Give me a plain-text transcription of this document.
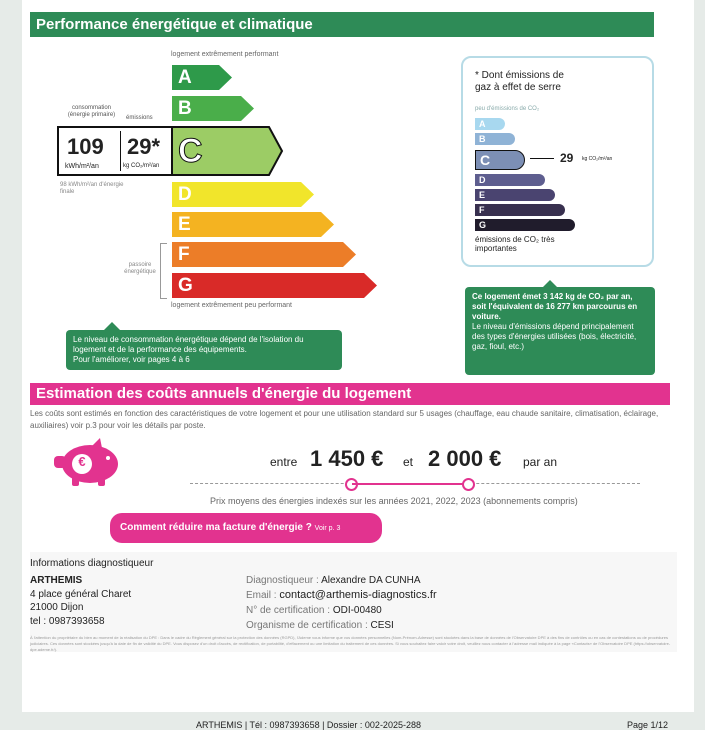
Performance énergétique et climatique
logement extrêmement performant
A
B
C
D
E
F
G
logement extrêmement peu performant
consommation (énergie primaire)	émissions
109
kWh/m²/an
29*
kg CO₂/m²/an
98 kWh/m²/an d'énergie finale
passoire énergétique
Le niveau de consommation énergétique dépend de l'isolation du logement et de la performance des équipements.
Pour l'améliorer, voir pages 4 à 6
* Dont émissions de gaz à effet de serre
peu d'émissions de CO₂
A
B
C
D
E
F
G
émissions de CO₂ très importantes
29 kg CO₂/m²/an
Ce logement émet 3 142 kg de CO₂ par an, soit l'équivalent de 16 277 km parcourus en voiture.
Le niveau d'émissions dépend principalement des types d'énergies utilisées (bois, électricité, gaz, fioul, etc.)
Estimation des coûts annuels d'énergie du logement
Les coûts sont estimés en fonction des caractéristiques de votre logement et pour une utilisation standard sur 5 usages (chauffage, eau chaude sanitaire, climatisation, éclairage, auxiliaires) voir p.3 pour voir les détails par poste.
€	entre 1 450 € et 2 000 € par an
Prix moyens des énergies indexés sur les années 2021, 2022, 2023 (abonnements compris)
Comment réduire ma facture d'énergie ? Voir p. 3
Informations diagnostiqueur
ARTHEMIS
4 place général Charet
21000 Dijon
tel : 0987393658
Diagnostiqueur : Alexandre DA CUNHA
Email : contact@arthemis-diagnostics.fr
N° de certification : ODI-00480
Organisme de certification : CESI
À l'attention du propriétaire du bien au moment de la réalisation du DPE : Dans le cadre du Règlement général sur la protection des données (RGPD), l'Ademe vous informe que vos données personnelles (Nom-Prénom-Adresse) sont stockées dans la base de données de l'Observatoire DPE à des fins de contrôles ou en cas de contestations ou de procédures judiciaires. Ces données sont stockées jusqu'à la date de fin de validité du DPE. Vous disposez d'un droit d'accès, de rectification, de portabilité, d'effacement ou une limitation du traitement de ces données. Si vous souhaitez faire valoir votre droit, veuillez nous contacter à l'adresse mail indiquée à la page «Contacts» de l'Observatoire DPE (https://observatoire-dpe.ademe.fr/).
ARTHEMIS | Tél : 0987393658 | Dossier : 002-2025-288	Page 1/12
